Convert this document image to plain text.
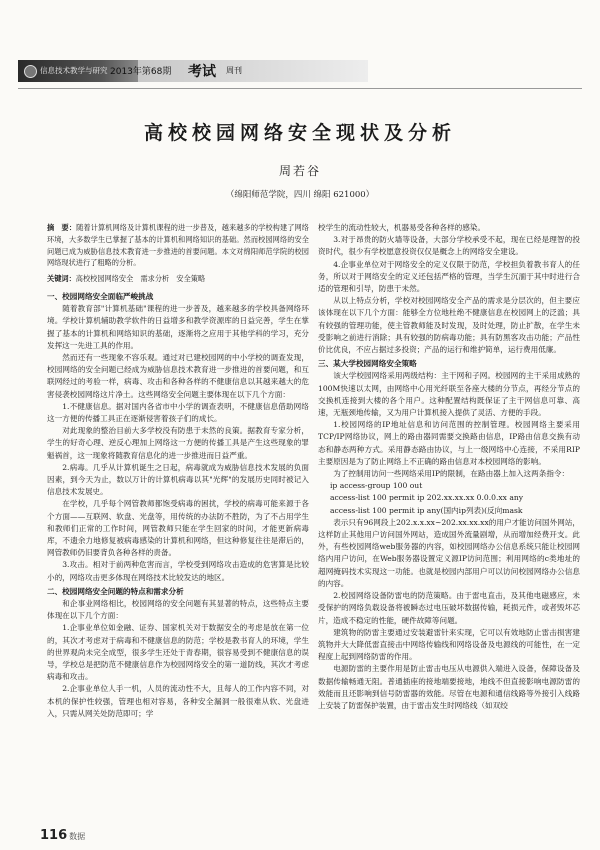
信息技术教学与研究 2013年第68期 考试 周刊
高校校园网络安全现状及分析
周若谷
（绵阳师范学院，四川 绵阳 621000）

摘　要：随着计算机网络及计算机课程的进一步普及，越来越多的学校构建了网络环境，大多数学生已掌握了基本的计算机和网络知识的基础。然而校园网络的安全问题已成为威胁信息技术教育进一步推进的首要问题。本文对绵阳师范学院的校园网络现状进行了粗略的分析。

关键词：高校校园网络安全　需求分析　安全策略

一、校园网络安全面临严峻挑战

随着教育部"计算机基础"课程的进一步普及，越来越多的学校具备网络环境。学校计算机辅助教学软件的日益增多和教学资源库的日益完善，学生在掌握了基本的计算机和网络知识的基础，逐渐将之应用于其他学科的学习，充分发挥这一先进工具的作用。

然而还有一些现象不容乐观。通过对已建校园网的中小学校的调查发现，校园网络的安全问题已经成为威胁信息技术教育进一步推进的首要问题，和互联网经过的考验一样，病毒、攻击和各种各样的不健康信息以其越来越大的危害侵袭校园网络这片净土。这些网络安全问题主要体现在以下几个方面：

1.不健康信息。据对国内各省市中小学的调查表明，不健康信息借助网络这一方便的传播工具正在逐渐侵害着孩子们的成长。

对此现象的整治目前大多学校没有防患于未然的良策。据教育专家分析，学生的好奇心理、逆反心理加上网络这一方便的传播工具是产生这些现象的罪魁祸首，这一现象将随教育信息化的进一步推进而日益严重。

2.病毒。几乎从计算机诞生之日起，病毒就成为威胁信息技术发展的负面因素，到今天为止，数以万计的计算机病毒以其"光辉"的发展历史同时被记入信息技术发展史。

在学校，几乎每个网管教师都饱受病毒的困扰，学校的病毒可能来源于各个方面——互联网、软盘、光盘等，用传统的办法防不胜防，为了不占用学生和教师们正常的工作时间，网管教师只能在学生回家的时间，才能更新病毒库，不遗余力地修复被病毒感染的计算机和网络，但这种修复往往是滞后的，网管教师仍旧要背负各种各样的责备。

3.攻击。相对于前两种危害而言，学校受到网络攻击造成的危害算是比较小的，网络攻击更多体现在网络技术比较发达的地区。

二、校园网络安全问题的特点和需求分析

和企事业网络相比，校园网络的安全问题有其显著的特点，这些特点主要体现在以下几个方面：

1.企事业单位如金融、证券、国家机关对于数据安全的考虑是放在第一位的，其次才考虑对于病毒和不健康信息的防范；学校是教书育人的环境，学生的世界观尚未完全成型，很多学生还处于青春期，很容易受到不健康信息的误导，学校总是把防范不健康信息作为校园网络安全的第一道防线，其次才考虑病毒和攻击。

2.企事业单位人手一机，人员的流动性不大，且每人的工作内容不同，对本机的保护性较强，管理也相对容易，各种安全漏洞一般很难从软、光盘进入，只需从网关处防范即可；学

校学生的流动性较大，机器易受各种各样的感染。

3.对于昂贵的防火墙等设备，大部分学校承受不起，现在已经是理智的投资时代，很少有学校愿意投资仅仅是概念上的网络安全建设。

4.企事业单位对于网络安全的定义仅限于防范，学校担负着教书育人的任务，所以对于网络安全的定义还包括严格的管理，当学生沉湎于其中时进行合适的管理和引导，防患于未然。

从以上特点分析，学校对校园网络安全产品的需求是分层次的，但主要应该体现在以下几个方面：能够全方位地杜绝不健康信息在校园网上的泛滥；具有较强的管理功能，使主管教师能及时发现，及时处理，防止扩散，在学生未受影响之前进行消除；具有较强的防病毒功能；具有防黑客攻击功能；产品性价比优良，不应占据过多投资；产品的运行和维护简单，运行费用低廉。

三、某大学校园网络安全策略

该大学校园网络采用两级结构：主干网和子网。校园网的主干采用成熟的100M快速以太网，由网络中心用光纤联至各座大楼的分节点，再经分节点的交换机连接到大楼的各个用户。这种配置结构既保证了主干网信息可靠、高速，无瓶颈地传输，又为用户计算机接入提供了灵活、方便的手段。

1.校园网络的IP地址信息和访问范围的控制管理。校园网络主要采用TCP/IP网络协议，网上的路由器同需要交换路由信息，IP路由信息交换有动态和静态两种方式。采用静态路由协议，与上一级网络中心连接，不采用RIP主要原因是为了防止网络上不正确的路由信息对本校园网络的影响。

为了控制用访问一些网络采用IP的限制，在路由器上加入这两条指令：

ip access-group 100 out

access-list 100 permit ip 202.xx.xx.xx 0.0.0.xx any

access-list 100 permit ip any(国内ip列表)(反向mask

表示只有96网段上202.x.x.xx~202.xx.xx.xx的用户才能访问国外网站，这样防止其他用户访问国外网站，造成国外流量剧增，从而增加经费开支。此外，有些校园网络web服务器的内容，如校园网络办公信息系统只能让校园网络内用户访问，在Web服务器设置定义源IP访问范围；利用网络的c类地址的超网掩码技术实现这一功能。也就是校园内部用户可以访问校园网络办公信息的内容。

2.校园网络设备防雷电的防范策略。由于雷电直击，及其他电磁感应，未受保护的网络负载设备将被瞬态过电压破坏数据传输，耗损元件，或者毁坏芯片，造成不稳定的性能，硬件故障等问题。

建筑物的防雷主要通过安装避雷针来实现，它可以有效地防止雷击损害建筑物并大大降低雷直接击中网络传输线和网络设备及电源线的可能性，在一定程度上起到网络防雷的作用。

电源防雷的主要作用是防止雷击电压从电源供入端进入设备，保障设备及数据传输畅通无阻。普通插座的接地端要接地，地线不但直接影响电源防雷的效能而且还影响到信号防雷器的效能。尽管在电源和通信线路等外接引入线路上安装了防雷保护装置，由于雷击发生时网络线（如双绞

116 数据
